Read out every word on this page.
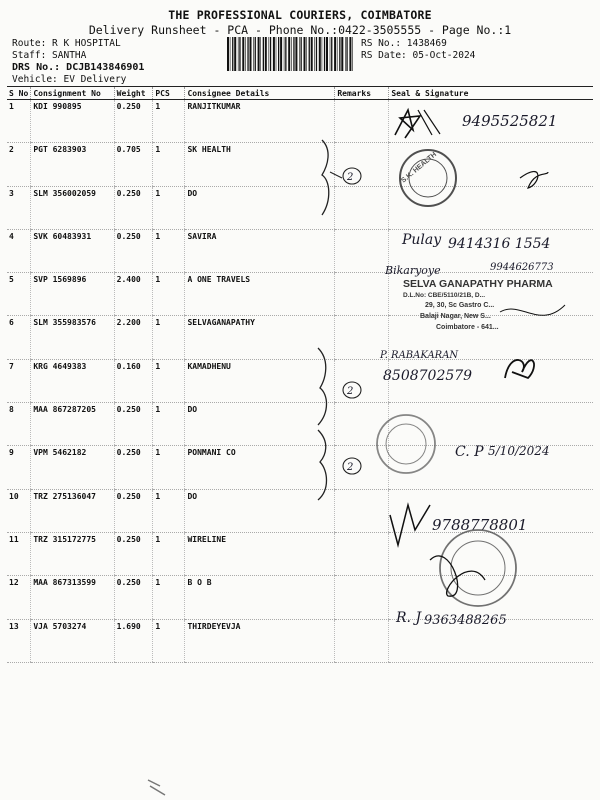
THE PROFESSIONAL COURIERS, COIMBATORE
Delivery Runsheet - PCA - Phone No.:0422-3505555 - Page No.:1
Route: R K HOSPITAL
Staff: SANTHA
DRS No.: DCJB143846901
Vehicle: EV Delivery
RS No.: 1438469
RS Date: 05-Oct-2024
S No	Consignment No	Weight	PCS	Consignee Details	Remarks	Seal & Signature
1	KDI 990895	0.250	1	RANJITKUMAR		
2	PGT 6283903	0.705	1	SK HEALTH		
3	SLM 356002059	0.250	1	DO		
4	SVK 60483931	0.250	1	SAVIRA		
5	SVP 1569896	2.400	1	A ONE TRAVELS		
6	SLM 355983576	2.200	1	SELVAGANAPATHY		
7	KRG 4649383	0.160	1	KAMADHENU		
8	MAA 867287205	0.250	1	DO		
9	VPM 5462182	0.250	1	PONMANI CO		
10	TRZ 275136047	0.250	1	DO		
11	TRZ 315172775	0.250	1	WIRELINE		
12	MAA 867313599	0.250	1	B O B		
13	VJA 5703274	1.690	1	THIRDEYEVJA		
2
2
2
9495525821
S.K. HEALTH
Pulay 9414316 1554
Bikaryoye	9944626773
SELVA GANAPATHY PHARMA
D.L.No: CBE/5110/21B, D...
29, 30, Sc Gastro C...
Balaji Nagar, New S...
Coimbatore - 641...
P. RABAKARAN
8508702579
C. P 5/10/2024
9788778801
R. J 9363488265
